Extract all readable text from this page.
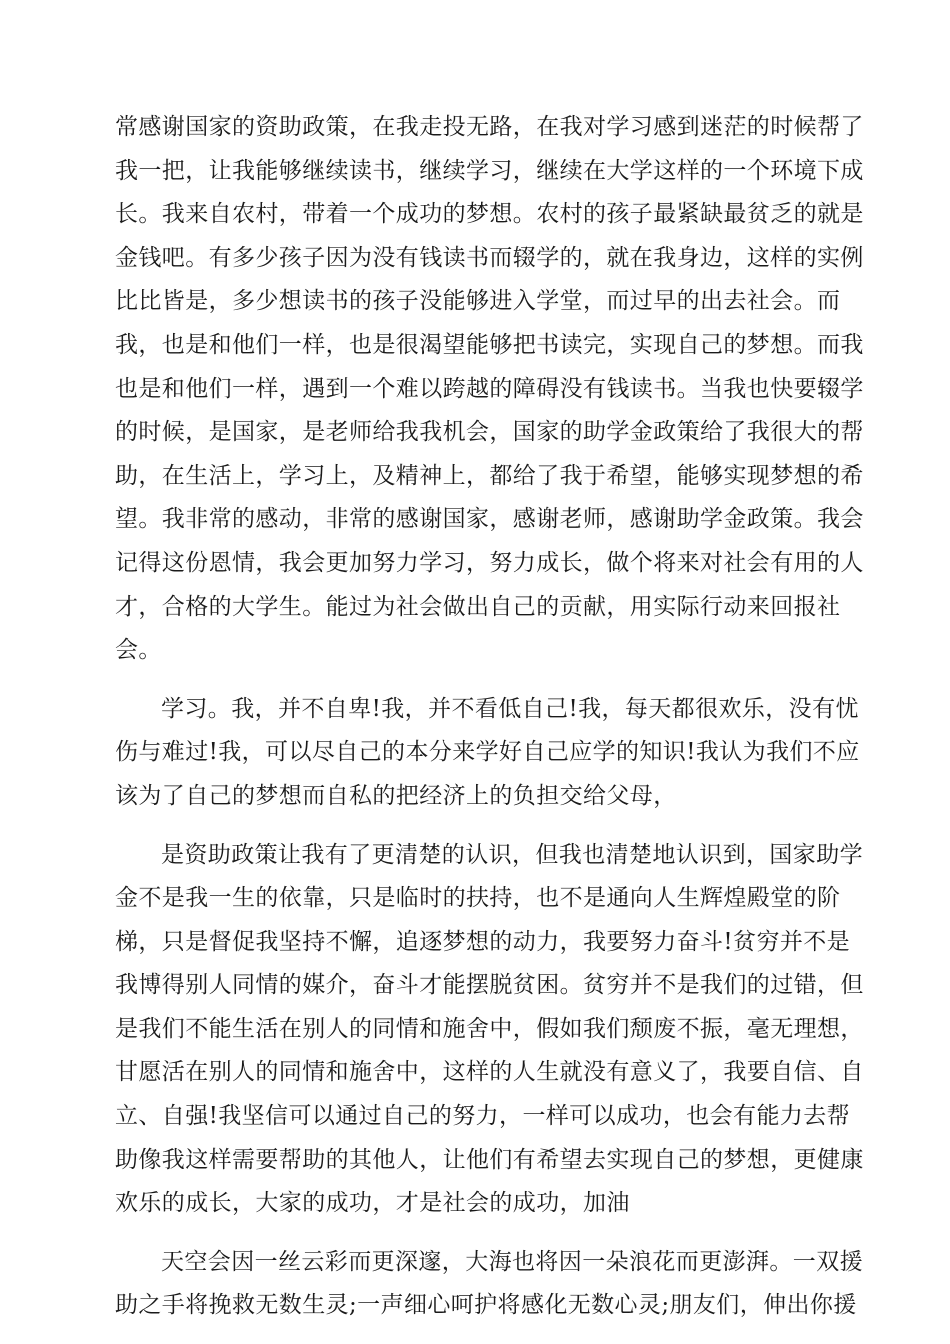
常感谢国家的资助政策，在我走投无路，在我对学习感到迷茫的时候帮了
我一把，让我能够继续读书，继续学习，继续在大学这样的一个环境下成
长。我来自农村，带着一个成功的梦想。农村的孩子最紧缺最贫乏的就是
金钱吧。有多少孩子因为没有钱读书而辍学的，就在我身边，这样的实例
比比皆是，多少想读书的孩子没能够进入学堂，而过早的出去社会。而
我，也是和他们一样，也是很渴望能够把书读完，实现自己的梦想。而我
也是和他们一样，遇到一个难以跨越的障碍没有钱读书。当我也快要辍学
的时候，是国家，是老师给我我机会，国家的助学金政策给了我很大的帮
助，在生活上，学习上，及精神上，都给了我于希望，能够实现梦想的希
望。我非常的感动，非常的感谢国家，感谢老师，感谢助学金政策。我会
记得这份恩情，我会更加努力学习，努力成长，做个将来对社会有用的人
才，合格的大学生。能过为社会做出自己的贡献，用实际行动来回报社
会。

学习。我，并不自卑!我，并不看低自己!我，每天都很欢乐，没有忧
伤与难过!我，可以尽自己的本分来学好自己应学的知识!我认为我们不应
该为了自己的梦想而自私的把经济上的负担交给父母，

是资助政策让我有了更清楚的认识，但我也清楚地认识到，国家助学
金不是我一生的依靠，只是临时的扶持，也不是通向人生辉煌殿堂的阶
梯，只是督促我坚持不懈，追逐梦想的动力，我要努力奋斗!贫穷并不是
我博得别人同情的媒介，奋斗才能摆脱贫困。贫穷并不是我们的过错，但
是我们不能生活在别人的同情和施舍中，假如我们颓废不振，毫无理想，
甘愿活在别人的同情和施舍中，这样的人生就没有意义了，我要自信、自
立、自强!我坚信可以通过自己的努力，一样可以成功，也会有能力去帮
助像我这样需要帮助的其他人，让他们有希望去实现自己的梦想，更健康
欢乐的成长，大家的成功，才是社会的成功，加油

天空会因一丝云彩而更深邃，大海也将因一朵浪花而更澎湃。一双援
助之手将挽救无数生灵;一声细心呵护将感化无数心灵;朋友们，伸出你援
